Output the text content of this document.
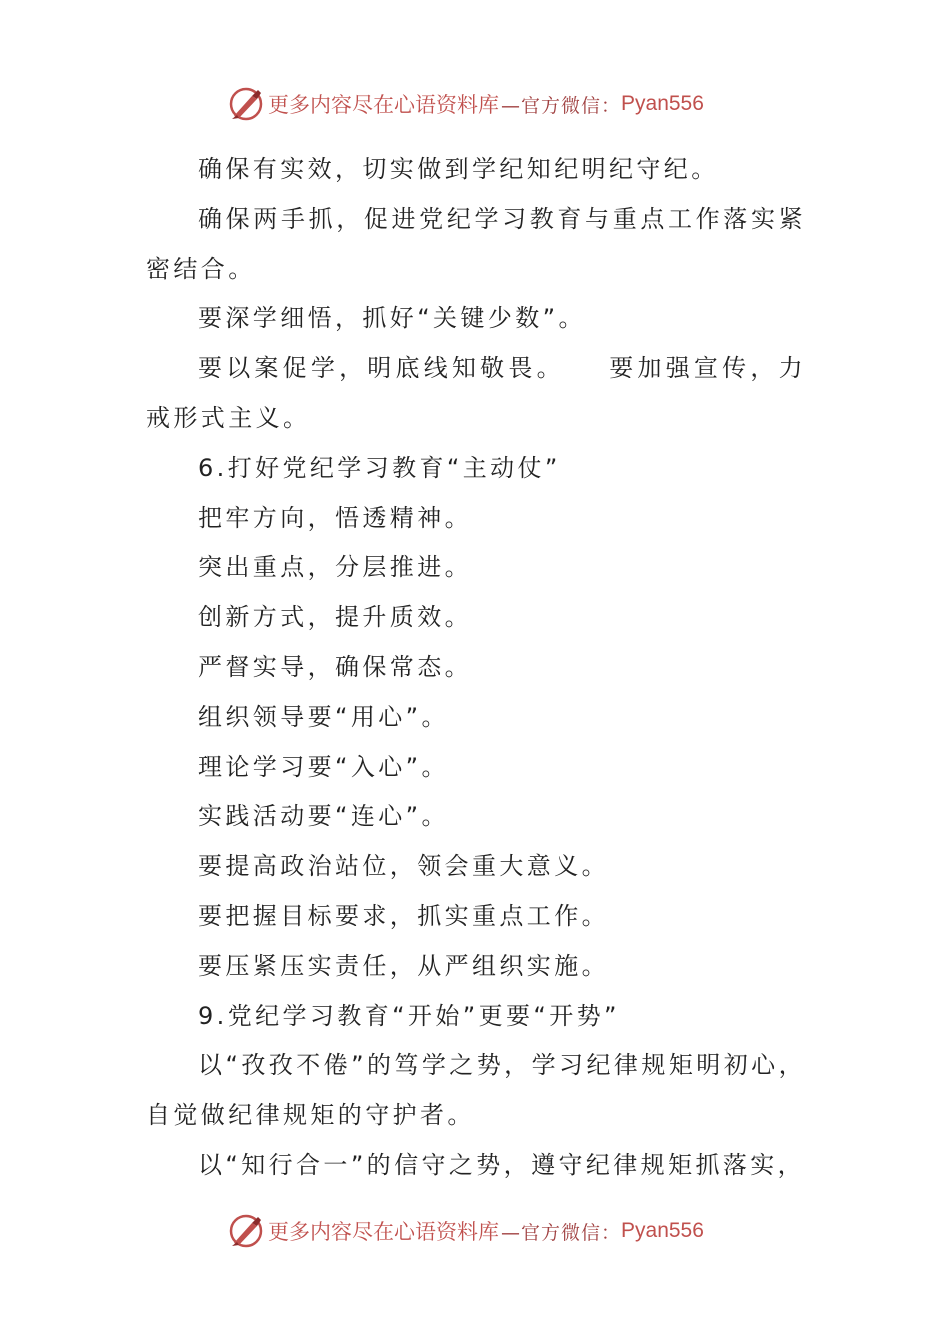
更多内容尽在心语资料库 —官方微信： Pyan556

确保有实效，切实做到学纪知纪明纪守纪。

确保两手抓，促进党纪学习教育与重点工作落实紧密结合。

要深学细悟，抓好“关键少数”。

要以案促学，明底线知敬畏。　　要加强宣传，力戒形式主义。

6.打好党纪学习教育“主动仗”

把牢方向，悟透精神。

突出重点，分层推进。

创新方式，提升质效。

严督实导，确保常态。

组织领导要“用心”。

理论学习要“入心”。

实践活动要“连心”。

要提高政治站位，领会重大意义。

要把握目标要求，抓实重点工作。

要压紧压实责任，从严组织实施。

9.党纪学习教育“开始”更要“开势”

以“孜孜不倦”的笃学之势，学习纪律规矩明初心，自觉做纪律规矩的守护者。

以“知行合一”的信守之势，遵守纪律规矩抓落实，

更多内容尽在心语资料库 —官方微信： Pyan556
